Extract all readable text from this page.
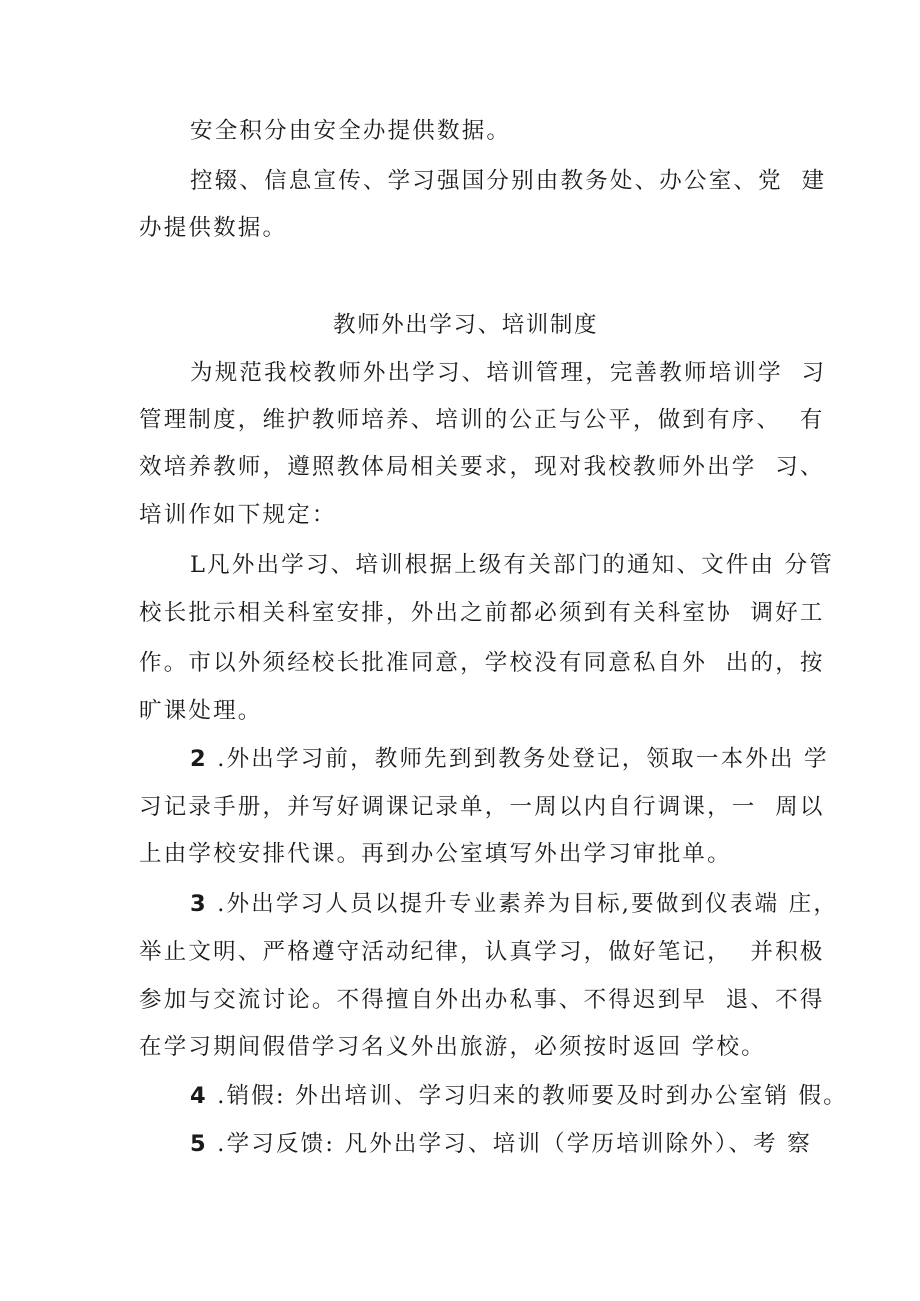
安全积分由安全办提供数据。
控辍、信息宣传、学习强国分别由教务处、办公室、党  建
办提供数据。
教师外出学习、培训制度
为规范我校教师外出学习、培训管理，完善教师培训学  习
管理制度，维护教师培养、培训的公正与公平，做到有序、  有
效培养教师，遵照教体局相关要求，现对我校教师外出学  习、
培训作如下规定：
L凡外出学习、培训根据上级有关部门的通知、文件由 分管
校长批示相关科室安排，外出之前都必须到有关科室协  调好工
作。市以外须经校长批准同意，学校没有同意私自外  出的，按
旷课处理。
2 .外出学习前，教师先到到教务处登记，领取一本外出 学
习记录手册，并写好调课记录单，一周以内自行调课，一  周以
上由学校安排代课。再到办公室填写外出学习审批单。
3 .外出学习人员以提升专业素养为目标,要做到仪表端 庄，
举止文明、严格遵守活动纪律，认真学习，做好笔记，  并积极
参加与交流讨论。不得擅自外出办私事、不得迟到早  退、不得
在学习期间假借学习名义外出旅游，必须按时返回 学校。
4 .销假: 外出培训、学习归来的教师要及时到办公室销 假。
5 .学习反馈: 凡外出学习、培训（学历培训除外）、考 察
